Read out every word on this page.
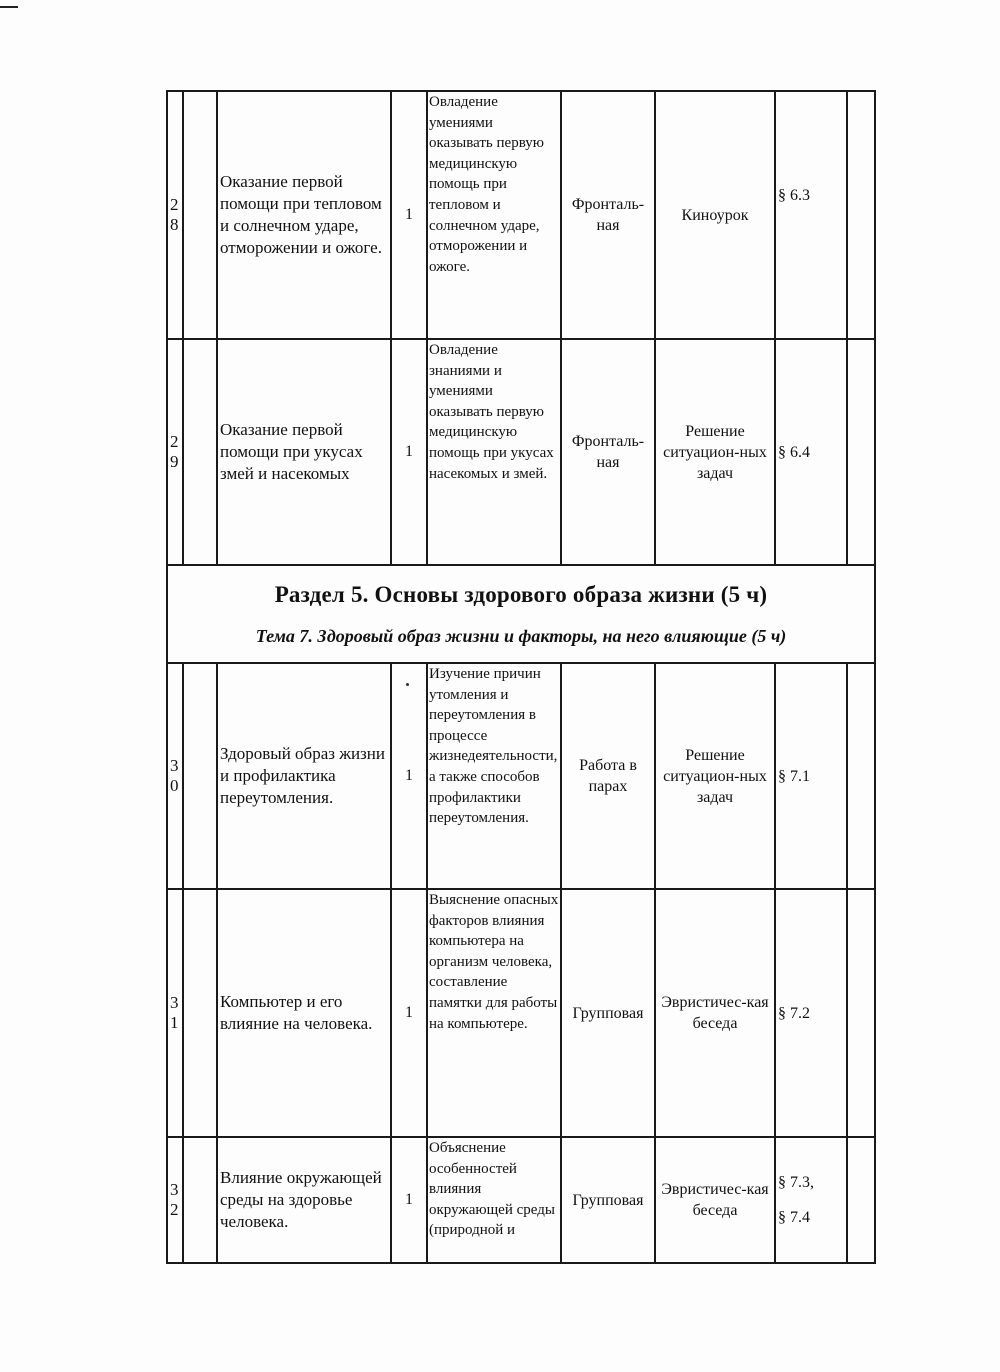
2
8		Оказание первой помощи при тепловом и солнечном ударе, отморожении и ожоге.	1	Овладение умениями оказывать первую медицинскую помощь при тепловом и солнечном ударе, отморожении и ожоге.	Фронталь-ная	Киноурок	§ 6.3	

2
9		Оказание первой помощи при укусах змей и насекомых	1	Овладение знаниями и умениями оказывать первую медицинскую помощь при укусах насекомых и змей.	Фронталь-ная	Решение ситуацион-ных задач	§ 6.4	

Раздел 5. Основы здорового образа жизни (5 ч)
Тема 7. Здоровый образ жизни и факторы, на него влияющие (5 ч)								

3
0		Здоровый образ жизни и профилактика переутомления.	1	Изучение причин утомления и переутомления в процессе жизнедеятельности, а также способов профилактики переутомления.	Работа в парах	Решение ситуацион-ных задач	§ 7.1	

3
1		Компьютер и его влияние на человека.	1	Выяснение опасных факторов влияния компьютера на организм человека, составление памятки для работы на компьютере.	Групповая	Эвристичес-кая беседа	§ 7.2	

3
2		Влияние окружающей среды на здоровье человека.	1	Объяснение особенностей влияния окружающей среды (природной и	Групповая	Эвристичес-кая беседа	§ 7.3,
§ 7.4	
